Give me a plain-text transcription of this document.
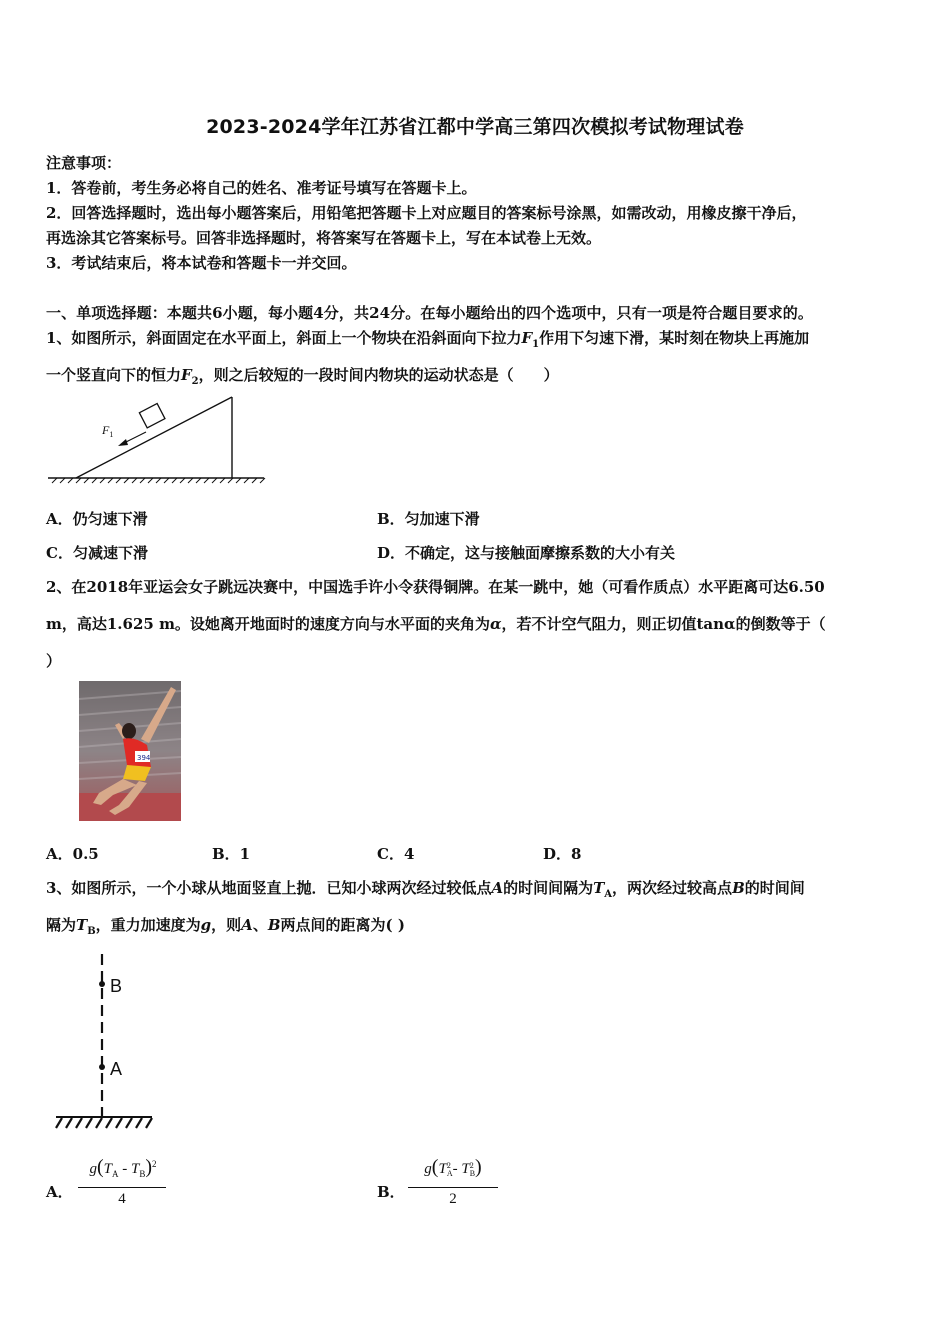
2023-2024学年江苏省江都中学高三第四次模拟考试物理试卷
注意事项：
1．答卷前，考生务必将自己的姓名、准考证号填写在答题卡上。
2．回答选择题时，选出每小题答案后，用铅笔把答题卡上对应题目的答案标号涂黑，如需改动，用橡皮擦干净后，
再选涂其它答案标号。回答非选择题时，将答案写在答题卡上，写在本试卷上无效。
3．考试结束后，将本试卷和答题卡一并交回。
一、单项选择题：本题共6小题，每小题4分，共24分。在每小题给出的四个选项中，只有一项是符合题目要求的。
1、如图所示，斜面固定在水平面上，斜面上一个物块在沿斜面向下拉力$F_1$作用下匀速下滑，某时刻在物块上再施加
一个竖直向下的恒力$F_2$，则之后较短的一段时间内物块的运动状态是（　　）
$F_1$
A．仍匀速下滑	B．匀加速下滑
C．匀减速下滑	D．不确定，这与接触面摩擦系数的大小有关
2、在2018年亚运会女子跳远决赛中，中国选手许小令获得铜牌。在某一跳中，她（可看作质点）水平距离可达6.50
m，高达1.625 m。设她离开地面时的速度方向与水平面的夹角为α，若不计空气阻力，则正切值tanα的倒数等于（
）
394
A．0.5	B．1	C．4	D．8
3、如图所示，一个小球从地面竖直上抛．已知小球两次经过较低点A的时间间隔为$T_A$，两次经过较高点B的时间间
隔为$T_B$，重力加速度为g，则A、B两点间的距离为( )
B
A
A．
$g(T_A - T_B)^2$
4	B．
g(T2
A- T2
B)
2
